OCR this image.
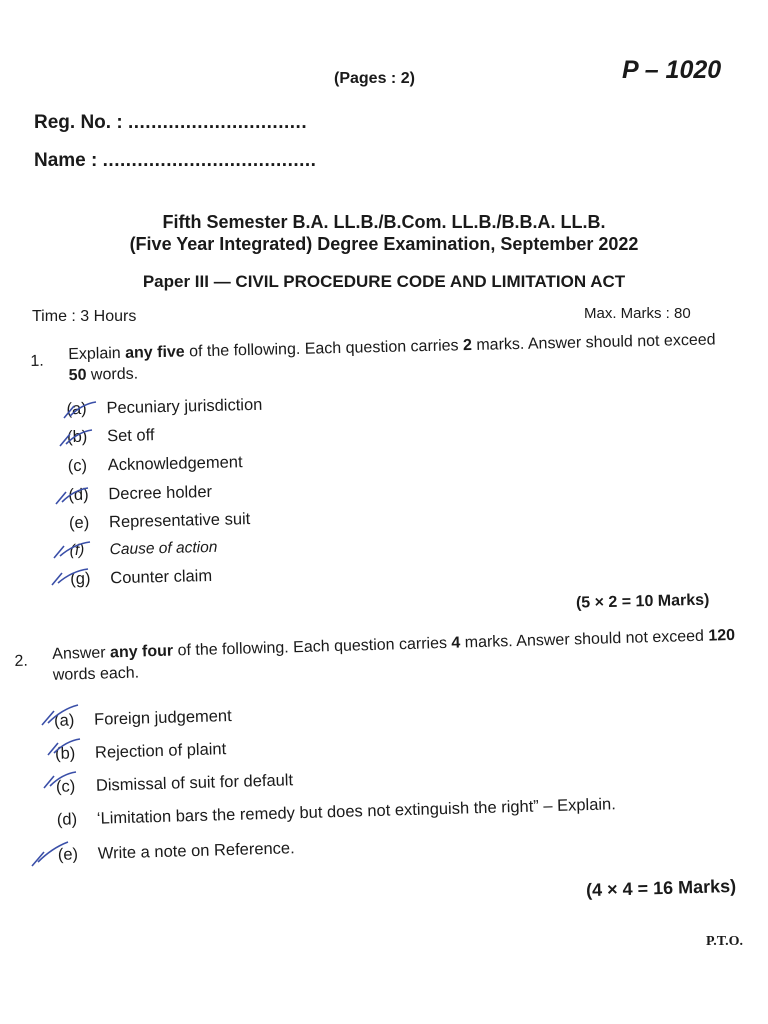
(Pages : 2)	P – 1020
Reg. No. : ...............................
Name : .....................................
Fifth Semester B.A. LL.B./B.Com. LL.B./B.B.A. LL.B.
(Five Year Integrated) Degree Examination, September 2022
Paper III — CIVIL PROCEDURE CODE AND LIMITATION ACT
Time : 3 Hours	Max. Marks : 80
1. Explain any five of the following. Each question carries 2 marks. Answer should not exceed 50 words.
(a) Pecuniary jurisdiction
(b) Set off
(c) Acknowledgement
(d) Decree holder
(e) Representative suit
(f) Cause of action
(g) Counter claim
(5 × 2 = 10 Marks)
2. Answer any four of the following. Each question carries 4 marks. Answer should not exceed 120 words each.
(a) Foreign judgement
(b) Rejection of plaint
(c) Dismissal of suit for default
(d) ‘Limitation bars the remedy but does not extinguish the right” – Explain.
(e) Write a note on Reference.
(4 × 4 = 16 Marks)
P.T.O.
